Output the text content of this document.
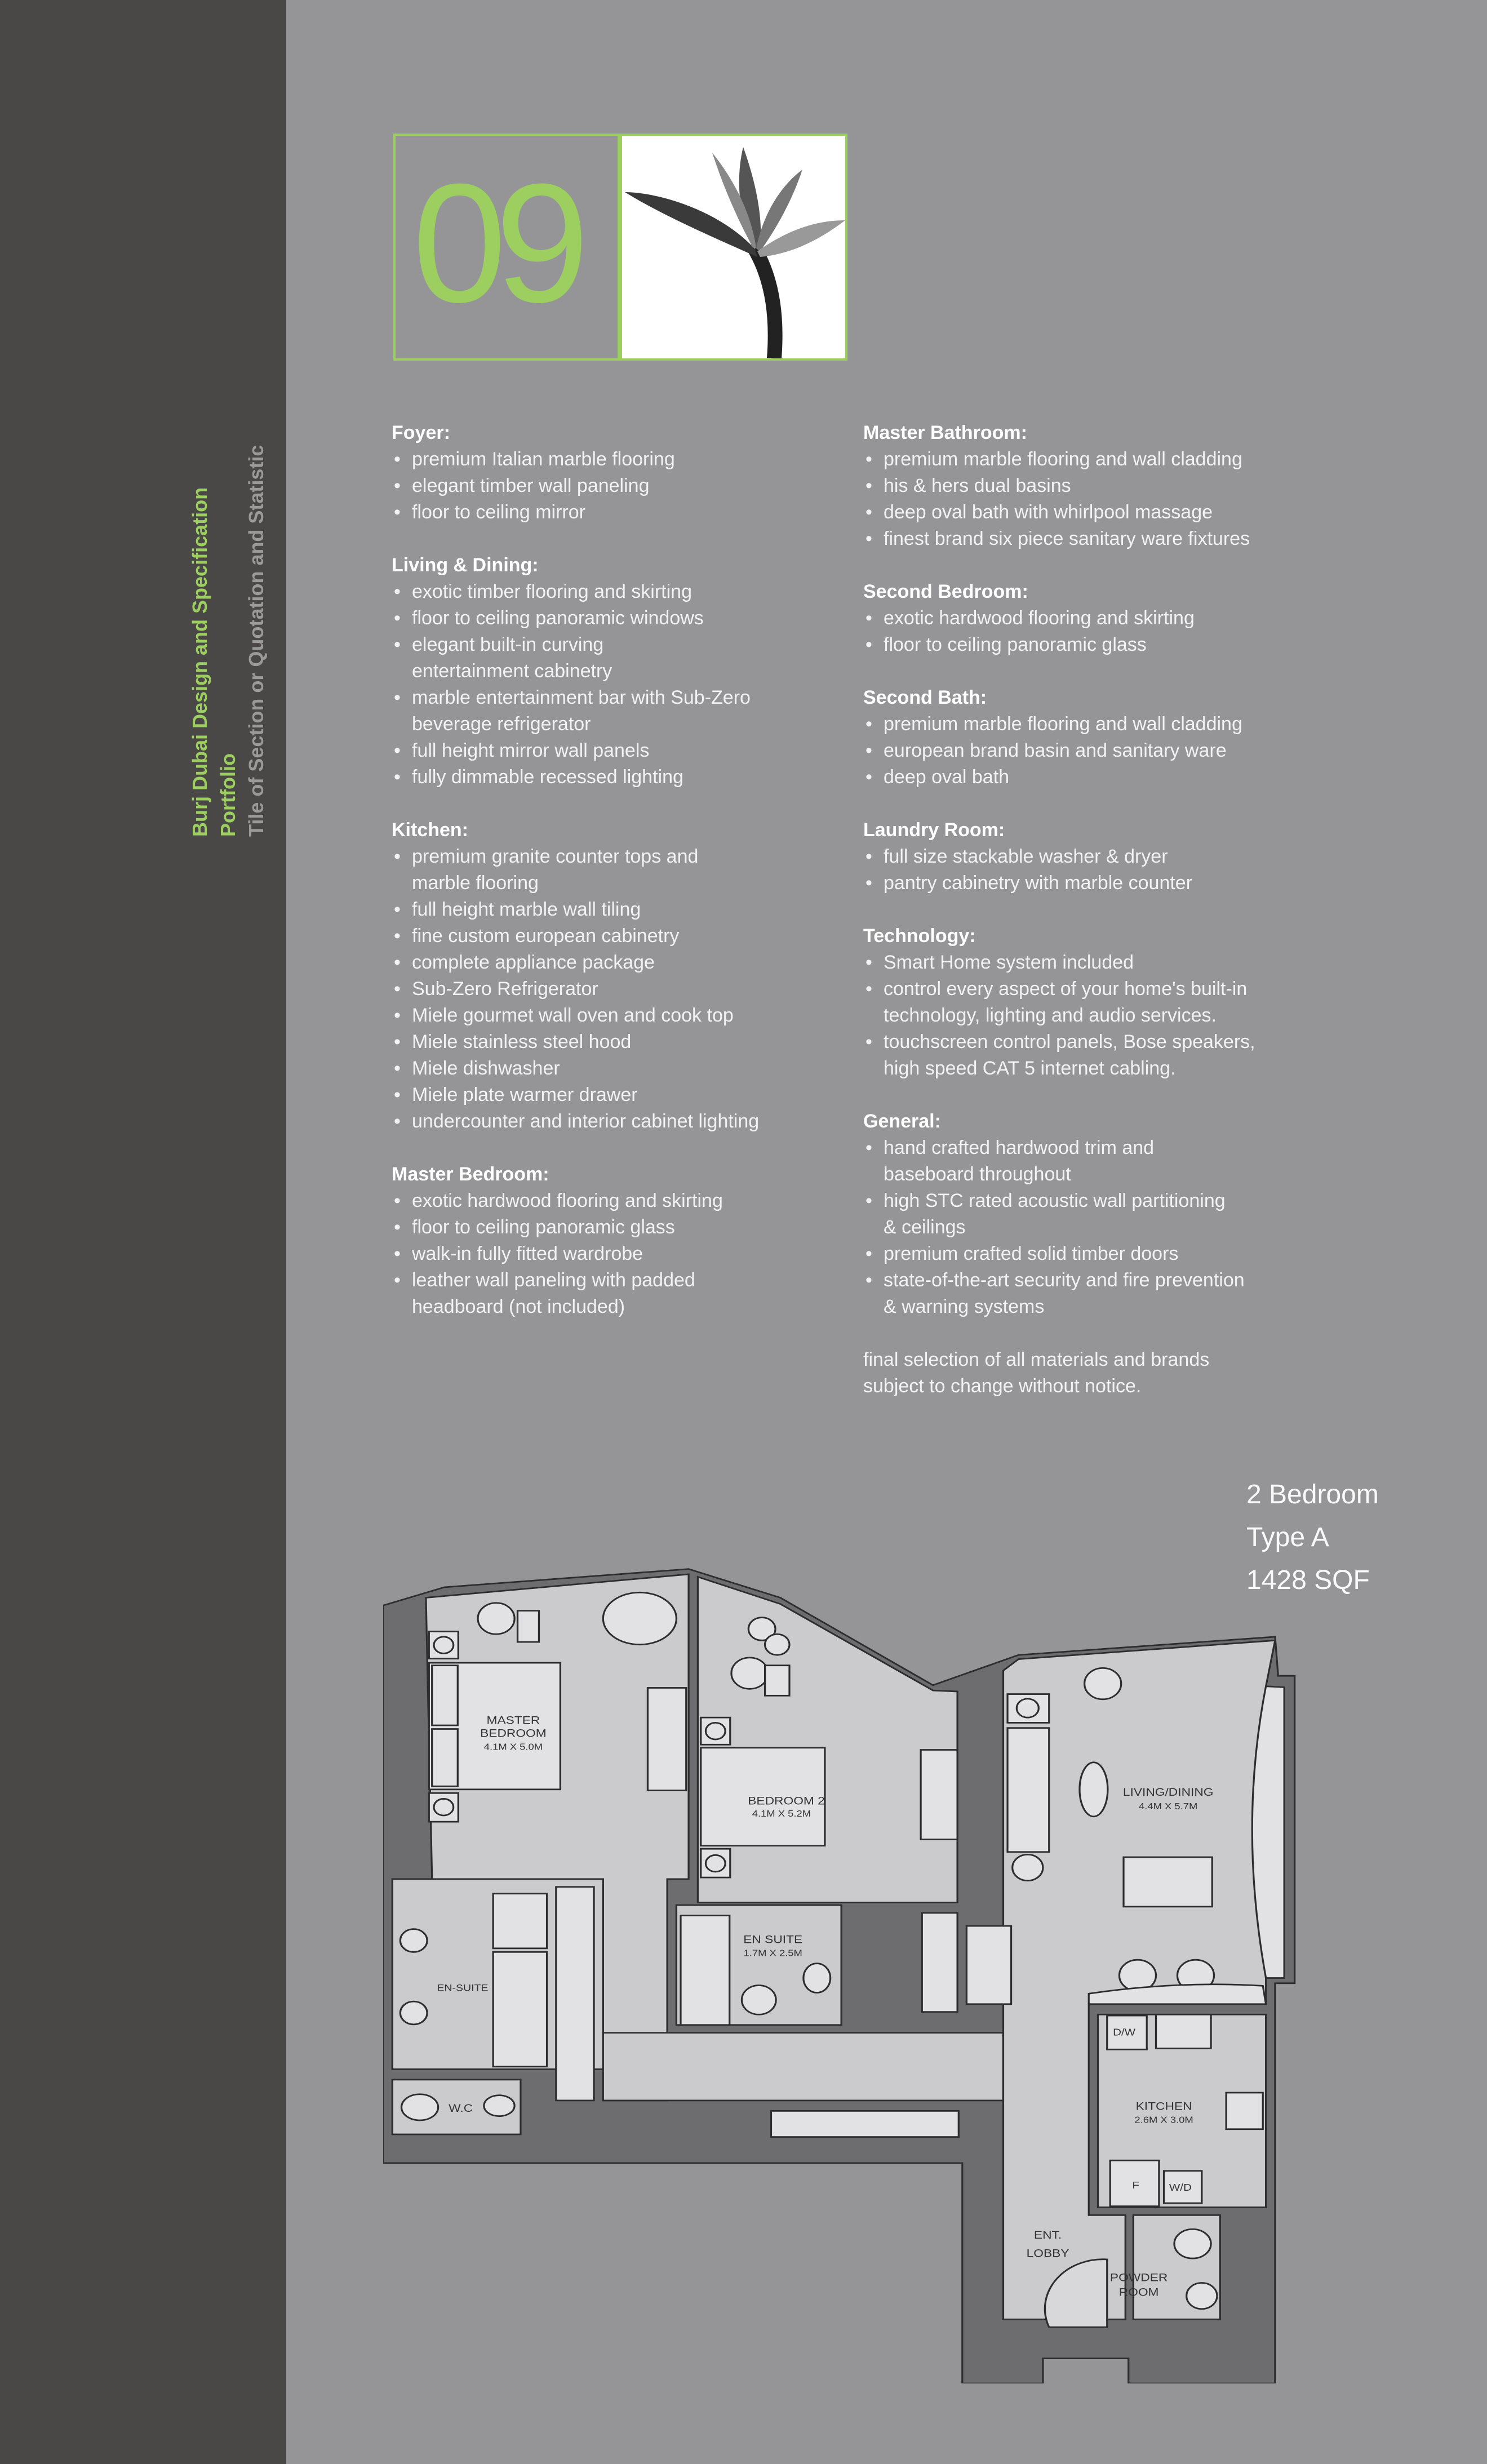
Burj Dubai Design and Specification Portfolio Tile of Section or Quotation and Statistic
09
Foyer:
• premium Italian marble flooring
• elegant timber wall paneling
• floor to ceiling mirror
Living & Dining:
• exotic timber flooring and skirting
• floor to ceiling panoramic windows
• elegant built-in curving
entertainment cabinetry
• marble entertainment bar with Sub-Zero
beverage refrigerator
• full height mirror wall panels
• fully dimmable recessed lighting
Kitchen:
• premium granite counter tops and
marble flooring
• full height marble wall tiling
• fine custom european cabinetry
• complete appliance package
• Sub-Zero Refrigerator
• Miele gourmet wall oven and cook top
• Miele stainless steel hood
• Miele dishwasher
• Miele plate warmer drawer
• undercounter and interior cabinet lighting
Master Bedroom:
• exotic hardwood flooring and skirting
• floor to ceiling panoramic glass
• walk-in fully fitted wardrobe
• leather wall paneling with padded
headboard (not included)
Master Bathroom:
• premium marble flooring and wall cladding
• his & hers dual basins
• deep oval bath with whirlpool massage
• finest brand six piece sanitary ware fixtures
Second Bedroom:
• exotic hardwood flooring and skirting
• floor to ceiling panoramic glass
Second Bath:
• premium marble flooring and wall cladding
• european brand basin and sanitary ware
• deep oval bath
Laundry Room:
• full size stackable washer & dryer
• pantry cabinetry with marble counter
Technology:
• Smart Home system included
• control every aspect of your home's built-in
technology, lighting and audio services.
• touchscreen control panels, Bose speakers,
high speed CAT 5 internet cabling.
General:
• hand crafted hardwood trim and
baseboard throughout
• high STC rated acoustic wall partitioning
& ceilings
• premium crafted solid timber doors
• state-of-the-art security and fire prevention
& warning systems
final selection of all materials and brands
subject to change without notice.
2 Bedroom
Type A
1428 SQF
MASTER
BEDROOM
4.1M X 5.0M
BEDROOM 2
4.1M X 5.2M
LIVING/DINING
4.4M X 5.7M
EN SUITE
1.7M X 2.5M
EN-SUITE
W.C	KITCHEN
2.6M X 3.0M
D/W
F	W/D
ENT.
LOBBY
POWDER
ROOM
